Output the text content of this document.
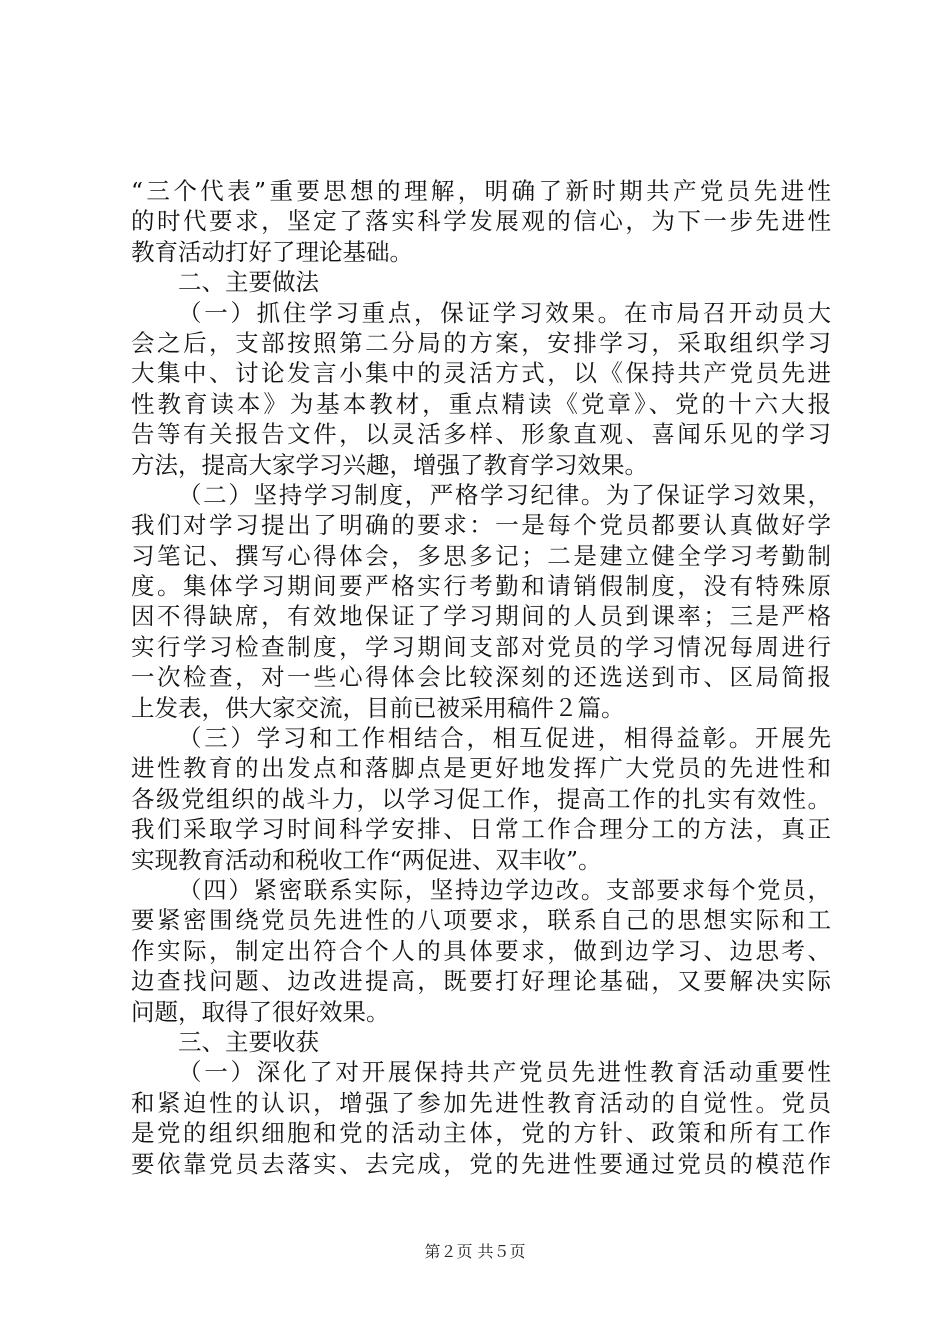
“三个代表”重要思想的理解，明确了新时期共产党员先进性
的时代要求，坚定了落实科学发展观的信心，为下一步先进性
教育活动打好了理论基础。
二、主要做法
（一）抓住学习重点，保证学习效果。在市局召开动员大
会之后，支部按照第二分局的方案，安排学习，采取组织学习
大集中、讨论发言小集中的灵活方式，以《保持共产党员先进
性教育读本》为基本教材，重点精读《党章》、党的十六大报
告等有关报告文件，以灵活多样、形象直观、喜闻乐见的学习
方法，提高大家学习兴趣，增强了教育学习效果。
（二）坚持学习制度，严格学习纪律。为了保证学习效果，
我们对学习提出了明确的要求：一是每个党员都要认真做好学
习笔记、撰写心得体会，多思多记；二是建立健全学习考勤制
度。集体学习期间要严格实行考勤和请销假制度，没有特殊原
因不得缺席，有效地保证了学习期间的人员到课率；三是严格
实行学习检查制度，学习期间支部对党员的学习情况每周进行
一次检查，对一些心得体会比较深刻的还选送到市、区局简报
上发表，供大家交流，目前已被采用稿件２篇。
（三）学习和工作相结合，相互促进，相得益彰。开展先
进性教育的出发点和落脚点是更好地发挥广大党员的先进性和
各级党组织的战斗力，以学习促工作，提高工作的扎实有效性。
我们采取学习时间科学安排、日常工作合理分工的方法，真正
实现教育活动和税收工作“两促进、双丰收”。
（四）紧密联系实际，坚持边学边改。支部要求每个党员，
要紧密围绕党员先进性的八项要求，联系自己的思想实际和工
作实际，制定出符合个人的具体要求，做到边学习、边思考、
边查找问题、边改进提高，既要打好理论基础，又要解决实际
问题，取得了很好效果。
三、主要收获
（一）深化了对开展保持共产党员先进性教育活动重要性
和紧迫性的认识，增强了参加先进性教育活动的自觉性。党员
是党的组织细胞和党的活动主体，党的方针、政策和所有工作
要依靠党员去落实、去完成，党的先进性要通过党员的模范作
第２页 共５页
